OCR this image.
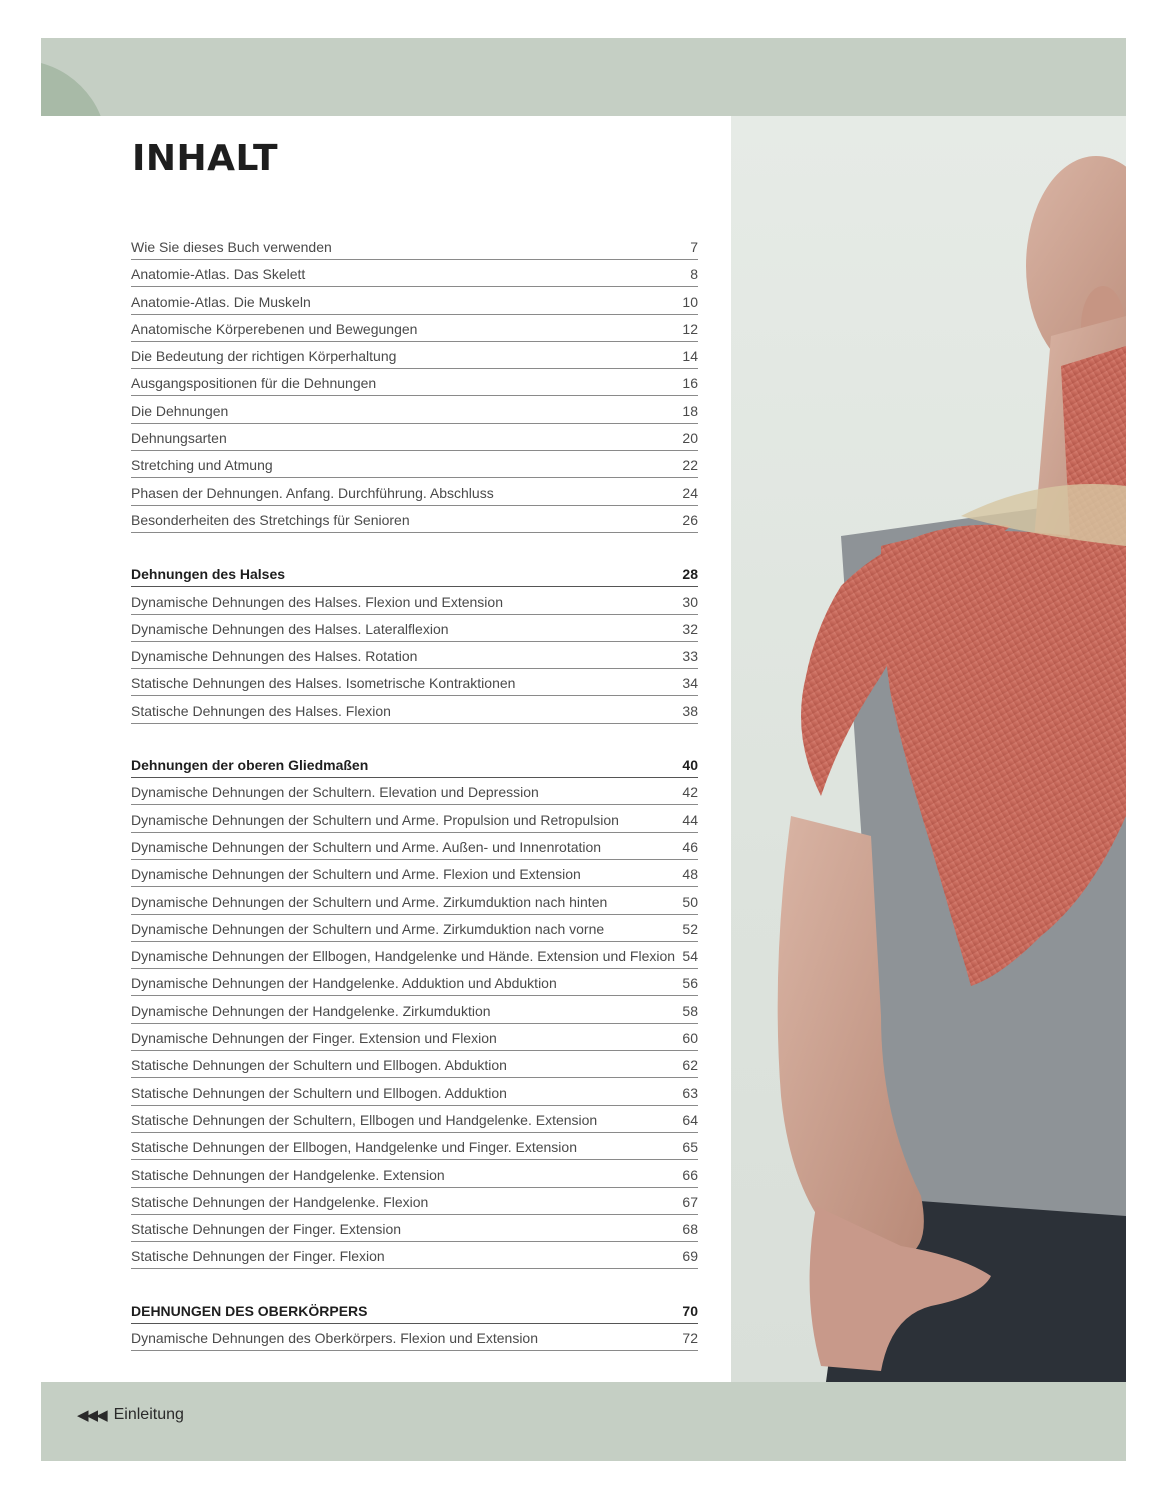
INHALT
Wie Sie dieses Buch verwenden	7
Anatomie-Atlas. Das Skelett	8
Anatomie-Atlas. Die Muskeln	10
Anatomische Körperebenen und Bewegungen	12
Die Bedeutung der richtigen Körperhaltung	14
Ausgangspositionen für die Dehnungen	16
Die Dehnungen	18
Dehnungsarten	20
Stretching und Atmung	22
Phasen der Dehnungen. Anfang. Durchführung. Abschluss	24
Besonderheiten des Stretchings für Senioren	26
Dehnungen des Halses	28
Dynamische Dehnungen des Halses. Flexion und Extension	30
Dynamische Dehnungen des Halses. Lateralflexion	32
Dynamische Dehnungen des Halses. Rotation	33
Statische Dehnungen des Halses. Isometrische Kontraktionen	34
Statische Dehnungen des Halses. Flexion	38
Dehnungen der oberen Gliedmaßen	40
Dynamische Dehnungen der Schultern. Elevation und Depression	42
Dynamische Dehnungen der Schultern und Arme. Propulsion und Retropulsion	44
Dynamische Dehnungen der Schultern und Arme. Außen- und Innenrotation	46
Dynamische Dehnungen der Schultern und Arme. Flexion und Extension	48
Dynamische Dehnungen der Schultern und Arme. Zirkumduktion nach hinten	50
Dynamische Dehnungen der Schultern und Arme. Zirkumduktion nach vorne	52
Dynamische Dehnungen der Ellbogen, Handgelenke und Hände. Extension und Flexion 54
Dynamische Dehnungen der Handgelenke. Adduktion und Abduktion	56
Dynamische Dehnungen der Handgelenke. Zirkumduktion	58
Dynamische Dehnungen der Finger. Extension und Flexion	60
Statische Dehnungen der Schultern und Ellbogen. Abduktion	62
Statische Dehnungen der Schultern und Ellbogen. Adduktion	63
Statische Dehnungen der Schultern, Ellbogen und Handgelenke. Extension	64
Statische Dehnungen der Ellbogen, Handgelenke und Finger. Extension	65
Statische Dehnungen der Handgelenke. Extension	66
Statische Dehnungen der Handgelenke. Flexion	67
Statische Dehnungen der Finger. Extension	68
Statische Dehnungen der Finger. Flexion	69
DEHNUNGEN DES OBERKÖRPERS	70
Dynamische Dehnungen des Oberkörpers. Flexion und Extension	72
◀◀◀ Einleitung
